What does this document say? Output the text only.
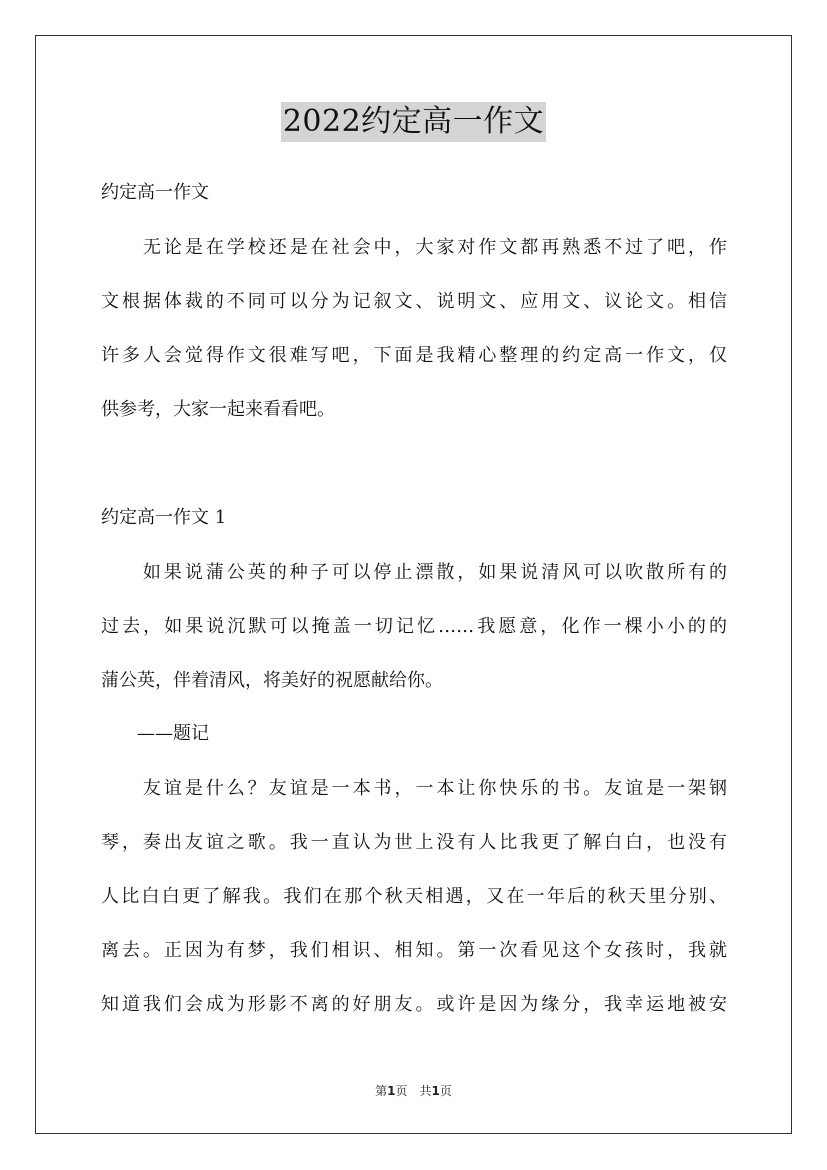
2022约定高一作文
约定高一作文
　　无论是在学校还是在社会中，大家对作文都再熟悉不过了吧，作
文根据体裁的不同可以分为记叙文、说明文、应用文、议论文。相信
许多人会觉得作文很难写吧，下面是我精心整理的约定高一作文，仅
供参考，大家一起来看看吧。
约定高一作文 1
　　如果说蒲公英的种子可以停止漂散，如果说清风可以吹散所有的
过去，如果说沉默可以掩盖一切记忆……我愿意，化作一棵小小的的
蒲公英，伴着清风，将美好的祝愿献给你。
　　——题记
　　友谊是什么？友谊是一本书，一本让你快乐的书。友谊是一架钢
琴，奏出友谊之歌。我一直认为世上没有人比我更了解白白，也没有
人比白白更了解我。我们在那个秋天相遇，又在一年后的秋天里分别、
离去。正因为有梦，我们相识、相知。第一次看见这个女孩时，我就
知道我们会成为形影不离的好朋友。或许是因为缘分，我幸运地被安
第1页　共1页
